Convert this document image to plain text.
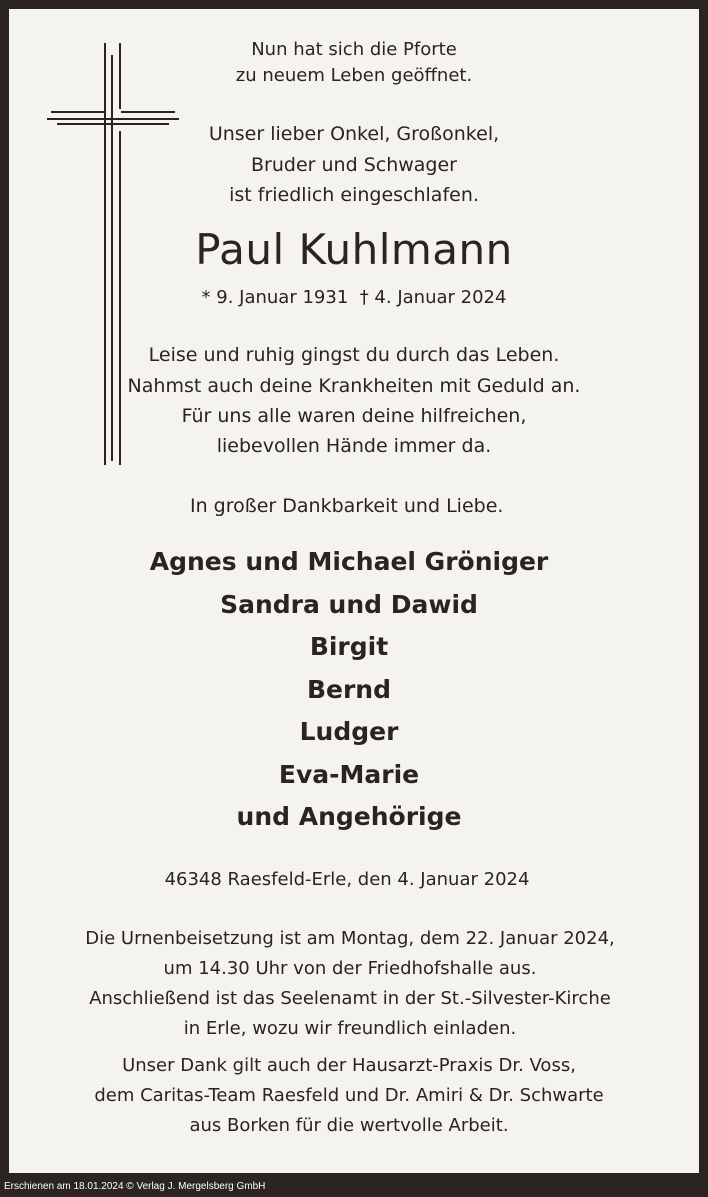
Nun hat sich die Pforte
zu neuem Leben geöffnet.
Unser lieber Onkel, Großonkel,
Bruder und Schwager
ist friedlich eingeschlafen.
Paul Kuhlmann
* 9. Januar 1931  † 4. Januar 2024
Leise und ruhig gingst du durch das Leben.
Nahmst auch deine Krankheiten mit Geduld an.
Für uns alle waren deine hilfreichen,
liebevollen Hände immer da.
In großer Dankbarkeit und Liebe.
Agnes und Michael Gröniger
Sandra und Dawid
Birgit
Bernd
Ludger
Eva-Marie
und Angehörige
46348 Raesfeld-Erle, den 4. Januar 2024
Die Urnenbeisetzung ist am Montag, dem 22. Januar 2024,
um 14.30 Uhr von der Friedhofshalle aus.
Anschließend ist das Seelenamt in der St.-Silvester-Kirche
in Erle, wozu wir freundlich einladen.
Unser Dank gilt auch der Hausarzt-Praxis Dr. Voss,
dem Caritas-Team Raesfeld und Dr. Amiri & Dr. Schwarte
aus Borken für die wertvolle Arbeit.
Erschienen am 18.01.2024 © Verlag J. Mergelsberg GmbH
